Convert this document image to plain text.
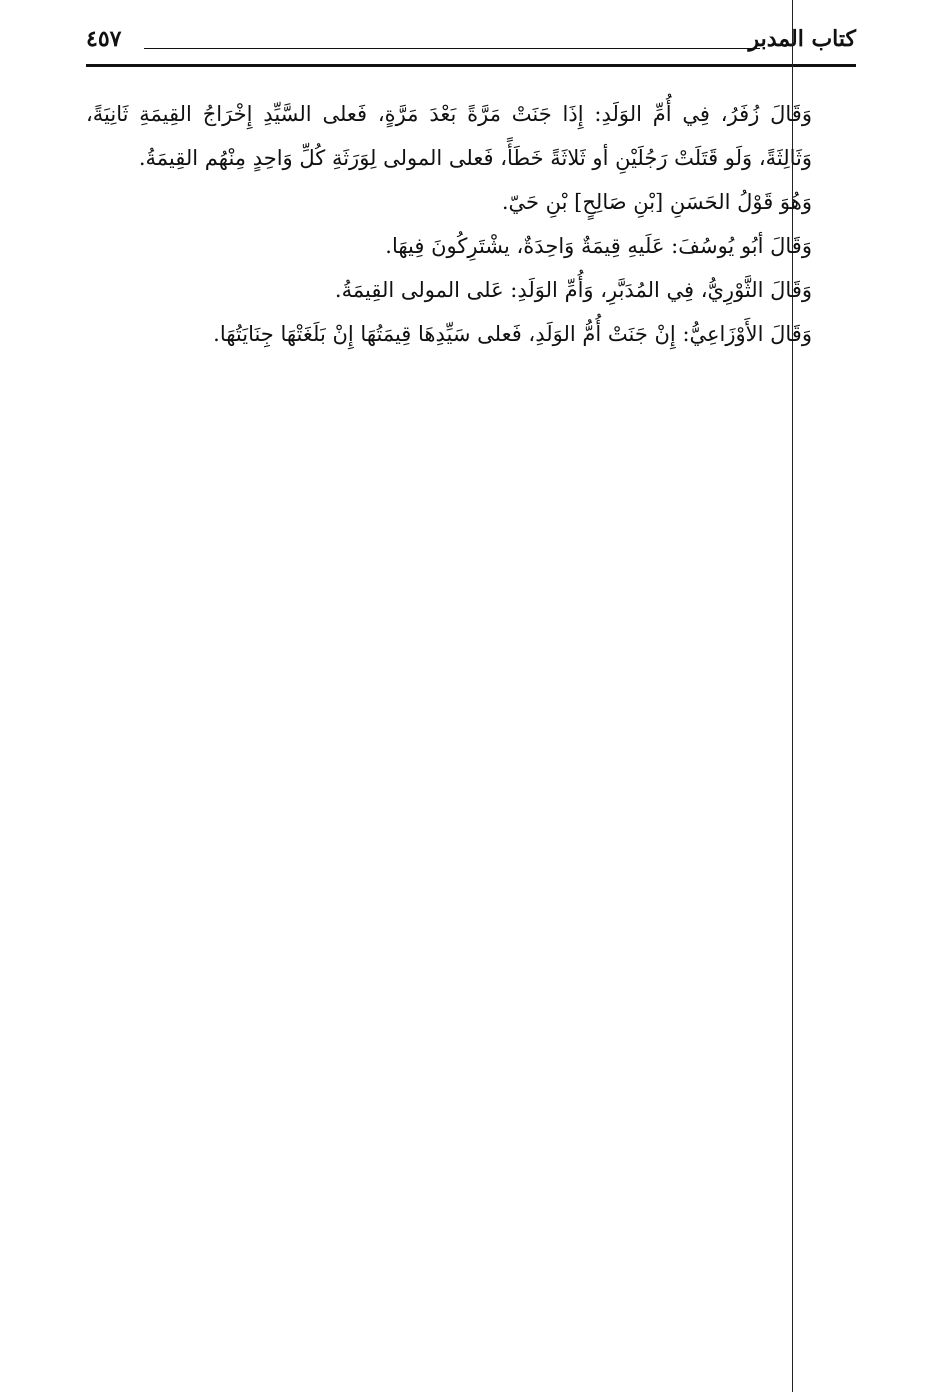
كتاب المدبر
٤٥٧

وَقَالَ زُفَرُ، فِي أُمِّ الوَلَدِ: إِذَا جَنَتْ مَرَّةً بَعْدَ مَرَّةٍ، فَعلى السَّيِّدِ إِخْرَاجُ القِيمَةِ ثَانِيَةً، وَثَالِثَةً، وَلَو قَتَلَتْ رَجُلَيْنِ أو ثَلاثَةً خَطَأً، فَعلى المولى لِوَرَثَةِ كُلِّ وَاحِدٍ مِنْهُم القِيمَةُ.

وَهُوَ قَوْلُ الحَسَنِ [بْنِ صَالِحٍ] بْنِ حَيّ.

وَقَالَ أبُو يُوسُفَ: عَلَيهِ قِيمَةٌ وَاحِدَةٌ، يشْتَرِكُونَ فِيهَا.

وَقَالَ الثَّوْرِيُّ، فِي المُدَبَّرِ، وَأُمِّ الوَلَدِ: عَلى المولى القِيمَةُ.

وَقَالَ الأَوْزَاعِيُّ: إِنْ جَنَتْ أُمُّ الوَلَدِ، فَعلى سَيِّدِهَا قِيمَتُهَا إِنْ بَلَغَتْهَا جِنَايَتُهَا.
